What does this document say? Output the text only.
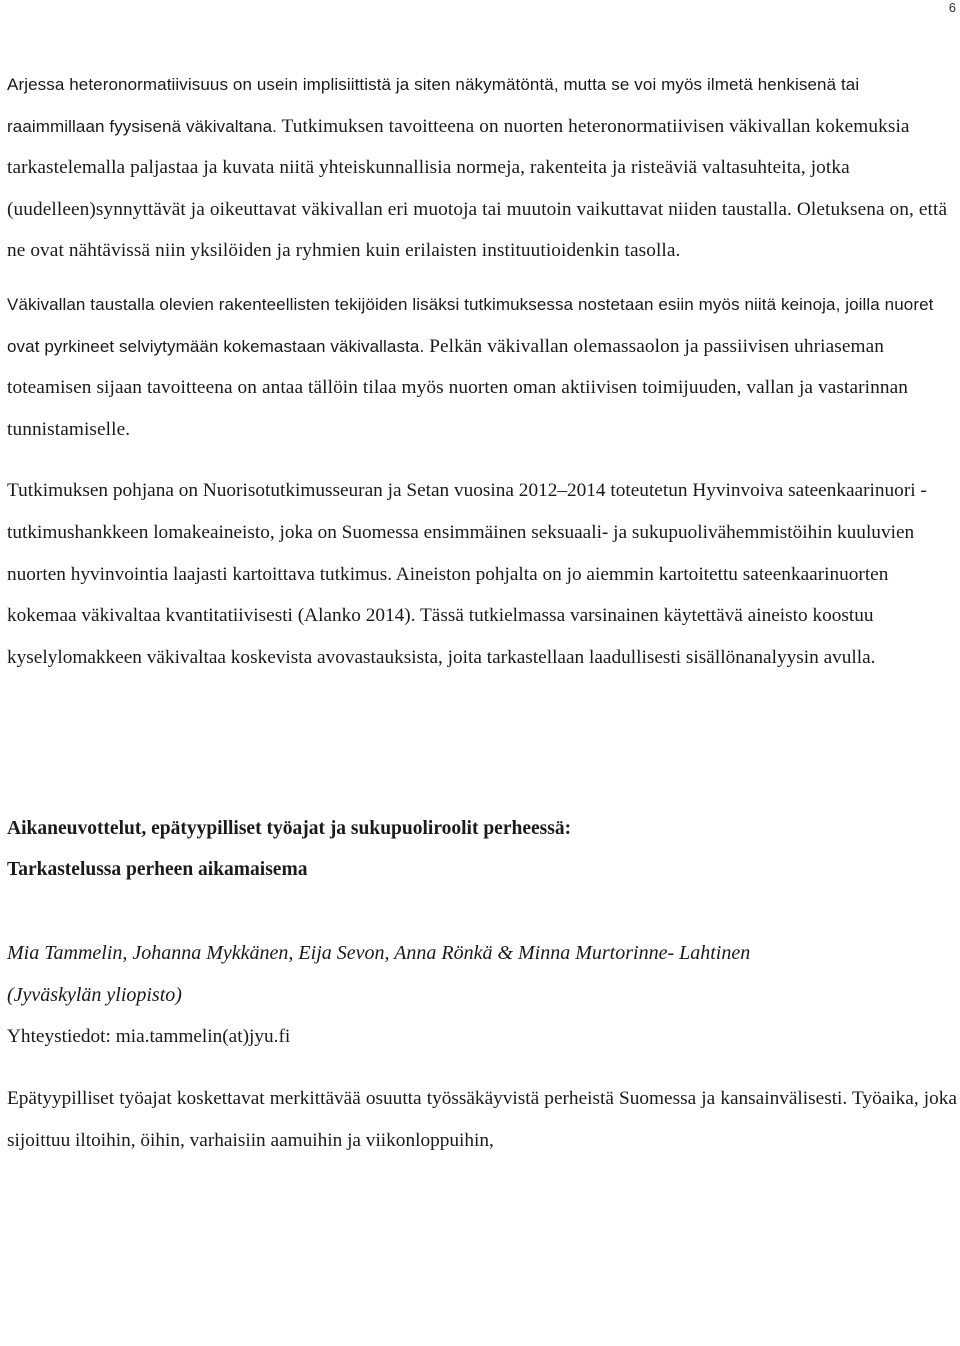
6

Arjessa heteronormatiivisuus on usein implisiittistä ja siten näkymätöntä, mutta se voi myös ilmetä henkisenä tai raaimmillaan fyysisenä väkivaltana. Tutkimuksen tavoitteena on nuorten heteronormatiivisen väkivallan kokemuksia tarkastelemalla paljastaa ja kuvata niitä yhteiskunnallisia normeja, rakenteita ja risteäviä valtasuhteita, jotka (uudelleen)synnyttävät ja oikeuttavat väkivallan eri muotoja tai muutoin vaikuttavat niiden taustalla. Oletuksena on, että ne ovat nähtävissä niin yksilöiden ja ryhmien kuin erilaisten instituutioidenkin tasolla.

Väkivallan taustalla olevien rakenteellisten tekijöiden lisäksi tutkimuksessa nostetaan esiin myös niitä keinoja, joilla nuoret ovat pyrkineet selviytymään kokemastaan väkivallasta. Pelkän väkivallan olemassaolon ja passiivisen uhriaseman toteamisen sijaan tavoitteena on antaa tällöin tilaa myös nuorten oman aktiivisen toimijuuden, vallan ja vastarinnan tunnistamiselle.

Tutkimuksen pohjana on Nuorisotutkimusseuran ja Setan vuosina 2012–2014 toteutetun Hyvinvoiva sateenkaarinuori -tutkimushankkeen lomakeaineisto, joka on Suomessa ensimmäinen seksuaali- ja sukupuolivähemmistöihin kuuluvien nuorten hyvinvointia laajasti kartoittava tutkimus. Aineiston pohjalta on jo aiemmin kartoitettu sateenkaarinuorten kokemaa väkivaltaa kvantitatiivisesti (Alanko 2014). Tässä tutkielmassa varsinainen käytettävä aineisto koostuu kyselylomakkeen väkivaltaa koskevista avovastauksista, joita tarkastellaan laadullisesti sisällönanalyysin avulla.

Aikaneuvottelut, epätyypilliset työajat ja sukupuoliroolit perheessä:

Tarkastelussa perheen aikamaisema

Mia Tammelin, Johanna Mykkänen, Eija Sevon, Anna Rönkä & Minna Murtorinne- Lahtinen

(Jyväskylän yliopisto)

Yhteystiedot: mia.tammelin(at)jyu.fi

Epätyypilliset työajat koskettavat merkittävää osuutta työssäkäyvistä perheistä Suomessa ja kansainvälisesti. Työaika, joka sijoittuu iltoihin, öihin, varhaisiin aamuihin ja viikonloppuihin,
